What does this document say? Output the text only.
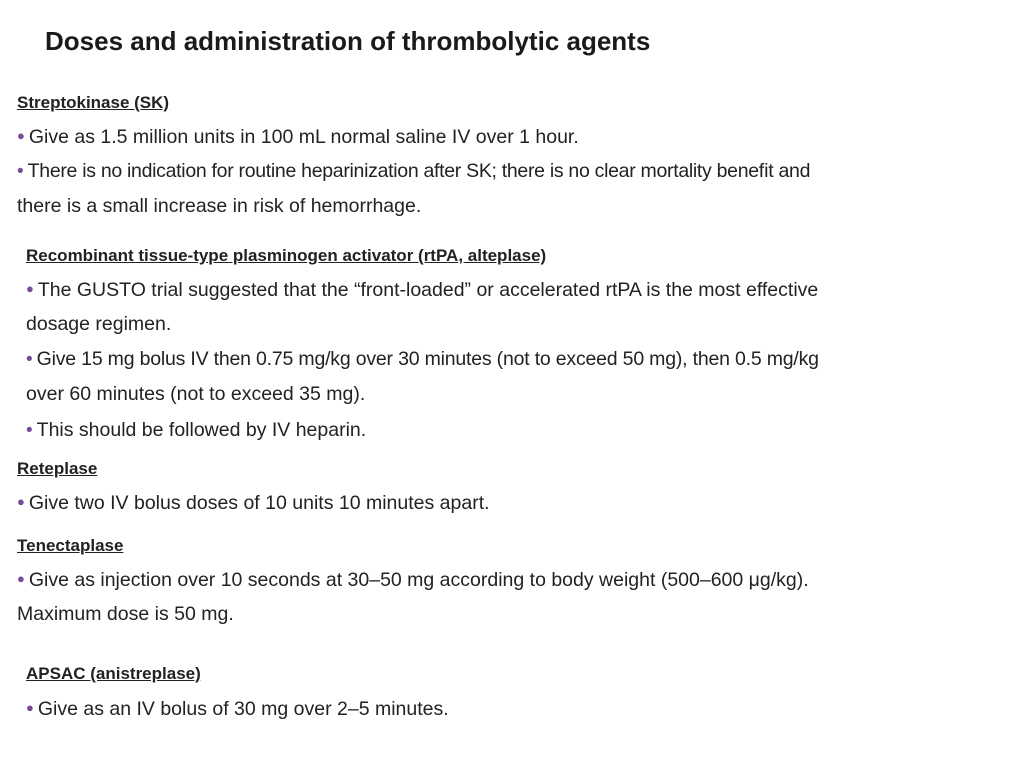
Doses and administration of thrombolytic agents
Streptokinase (SK)
● Give as 1.5 million units in 100 mL normal saline IV over 1 hour.
• There is no indication for routine heparinization after SK; there is no clear mortality beneﬁt and
there is a small increase in risk of hemorrhage.
Recombinant tissue-type plasminogen activator (rtPA, alteplase)
● The GUSTO trial suggested that the “front-loaded” or accelerated rtPA is the most effective
dosage regimen.
• Give 15 mg bolus IV then 0.75 mg/kg over 30 minutes (not to exceed 50 mg), then 0.5 mg/kg
over 60 minutes (not to exceed 35 mg).
• This should be followed by IV heparin.
Reteplase
● Give two IV bolus doses of 10 units 10 minutes apart.
Tenectaplase
● Give as injection over 10 seconds at 30–50 mg according to body weight (500–600 μg/kg).
Maximum dose is 50 mg.
APSAC (anistreplase)
● Give as an IV bolus of 30 mg over 2–5 minutes.
